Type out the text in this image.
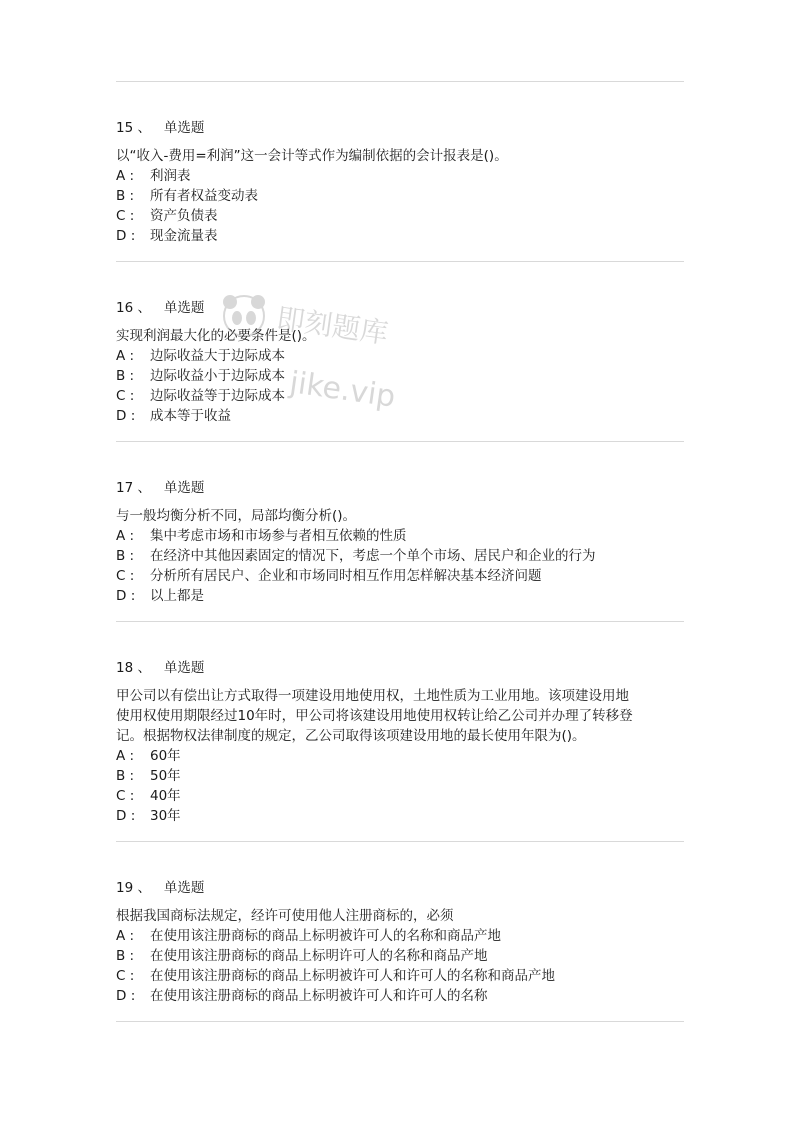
15 、 单选题
以“收入-费用=利润”这一会计等式作为编制依据的会计报表是()。
A : 利润表
B : 所有者权益变动表
C : 资产负债表
D : 现金流量表
16 、 单选题
实现利润最大化的必要条件是()。
A : 边际收益大于边际成本
B : 边际收益小于边际成本
C : 边际收益等于边际成本
D : 成本等于收益
17 、 单选题
与一般均衡分析不同，局部均衡分析()。
A : 集中考虑市场和市场参与者相互依赖的性质
B : 在经济中其他因素固定的情况下，考虑一个单个市场、居民户和企业的行为
C : 分析所有居民户、企业和市场同时相互作用怎样解决基本经济问题
D : 以上都是
18 、 单选题
甲公司以有偿出让方式取得一项建设用地使用权，土地性质为工业用地。该项建设用地
使用权使用期限经过10年时，甲公司将该建设用地使用权转让给乙公司并办理了转移登
记。根据物权法律制度的规定，乙公司取得该项建设用地的最长使用年限为()。
A : 60年
B : 50年
C : 40年
D : 30年
19 、 单选题
根据我国商标法规定，经许可使用他人注册商标的，必须
A : 在使用该注册商标的商品上标明被许可人的名称和商品产地
B : 在使用该注册商标的商品上标明许可人的名称和商品产地
C : 在使用该注册商标的商品上标明被许可人和许可人的名称和商品产地
D : 在使用该注册商标的商品上标明被许可人和许可人的名称
即刻题库
jike.vip
